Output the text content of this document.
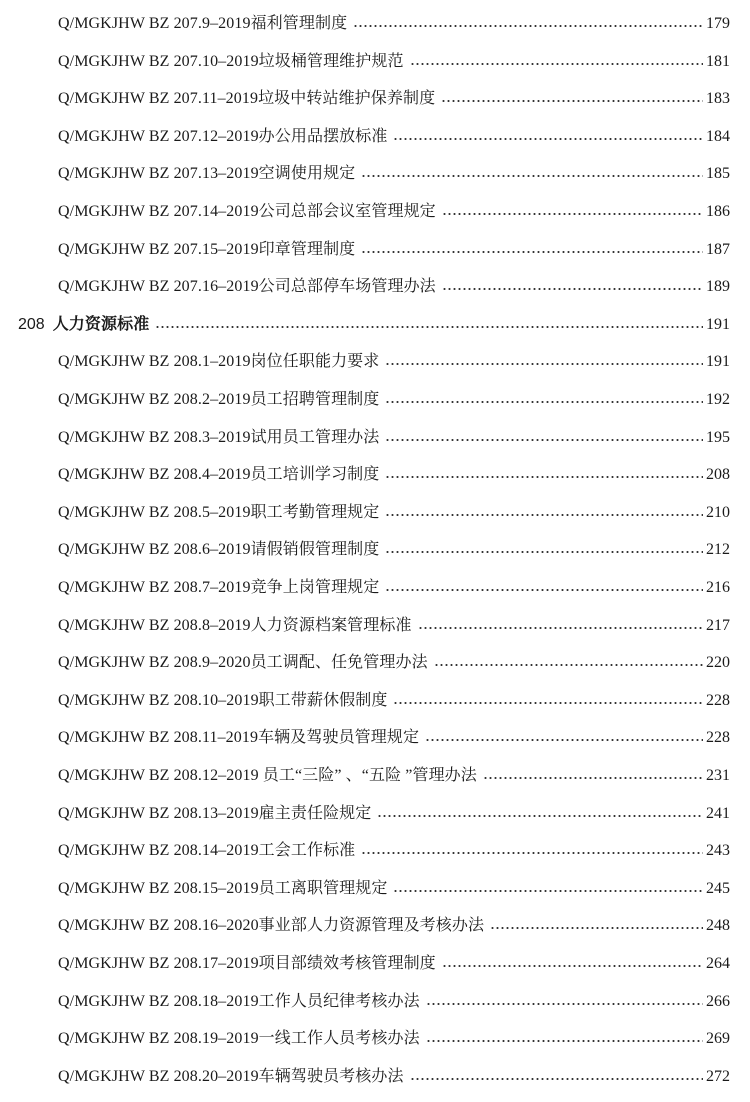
Q/MGKJHW BZ 207.9–2019福利管理制度	179
Q/MGKJHW BZ 207.10–2019垃圾桶管理维护规范	181
Q/MGKJHW BZ 207.11–2019垃圾中转站维护保养制度	183
Q/MGKJHW BZ 207.12–2019办公用品摆放标准	184
Q/MGKJHW BZ 207.13–2019空调使用规定	185
Q/MGKJHW BZ 207.14–2019公司总部会议室管理规定	186
Q/MGKJHW BZ 207.15–2019印章管理制度	187
Q/MGKJHW BZ 207.16–2019公司总部停车场管理办法	189
208 人力资源标准	191
Q/MGKJHW BZ 208.1–2019岗位任职能力要求	191
Q/MGKJHW BZ 208.2–2019员工招聘管理制度	192
Q/MGKJHW BZ 208.3–2019试用员工管理办法	195
Q/MGKJHW BZ 208.4–2019员工培训学习制度	208
Q/MGKJHW BZ 208.5–2019职工考勤管理规定	210
Q/MGKJHW BZ 208.6–2019请假销假管理制度	212
Q/MGKJHW BZ 208.7–2019竞争上岗管理规定	216
Q/MGKJHW BZ 208.8–2019人力资源档案管理标准	217
Q/MGKJHW BZ 208.9–2020员工调配、任免管理办法	220
Q/MGKJHW BZ 208.10–2019职工带薪休假制度	228
Q/MGKJHW BZ 208.11–2019车辆及驾驶员管理规定	228
Q/MGKJHW BZ 208.12–2019 员工“三险” 、“五险 ”管理办法	231
Q/MGKJHW BZ 208.13–2019雇主责任险规定	241
Q/MGKJHW BZ 208.14–2019工会工作标准	243
Q/MGKJHW BZ 208.15–2019员工离职管理规定	245
Q/MGKJHW BZ 208.16–2020事业部人力资源管理及考核办法	248
Q/MGKJHW BZ 208.17–2019项目部绩效考核管理制度	264
Q/MGKJHW BZ 208.18–2019工作人员纪律考核办法	266
Q/MGKJHW BZ 208.19–2019一线工作人员考核办法	269
Q/MGKJHW BZ 208.20–2019车辆驾驶员考核办法	272
